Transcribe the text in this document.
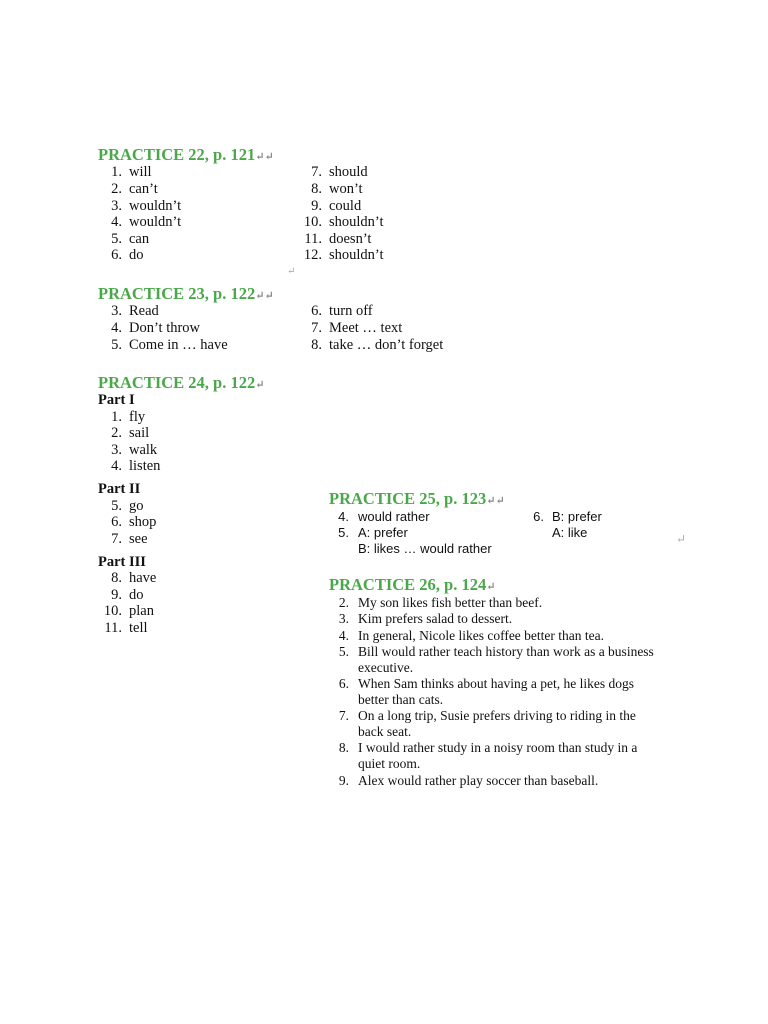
PRACTICE 22, p. 121↵↵
1. will
2. can’t
3. wouldn’t
4. wouldn’t
5. can
6. do
7. should
8. won’t
9. could
10. shouldn’t
11. doesn’t
12. shouldn’t
↵
PRACTICE 23, p. 122↵↵
3. Read
4. Don’t throw
5. Come in … have
6. turn off
7. Meet … text
8. take … don’t forget
PRACTICE 24, p. 122↵
Part I
1. fly
2. sail
3. walk
4. listen
Part II
5. go
6. shop
7. see
Part III
8. have
9. do
10. plan
11. tell
PRACTICE 25, p. 123↵↵
4. would rather
5. A: prefer
B: likes … would rather
6. B: prefer
A: like	↵
PRACTICE 26, p. 124↵
2. My son likes fish better than beef.
3. Kim prefers salad to dessert.
4. In general, Nicole likes coffee better than tea.
5. Bill would rather teach history than work as a business
executive.
6. When Sam thinks about having a pet, he likes dogs
better than cats.
7. On a long trip, Susie prefers driving to riding in the
back seat.
8. I would rather study in a noisy room than study in a
quiet room.
9. Alex would rather play soccer than baseball.
